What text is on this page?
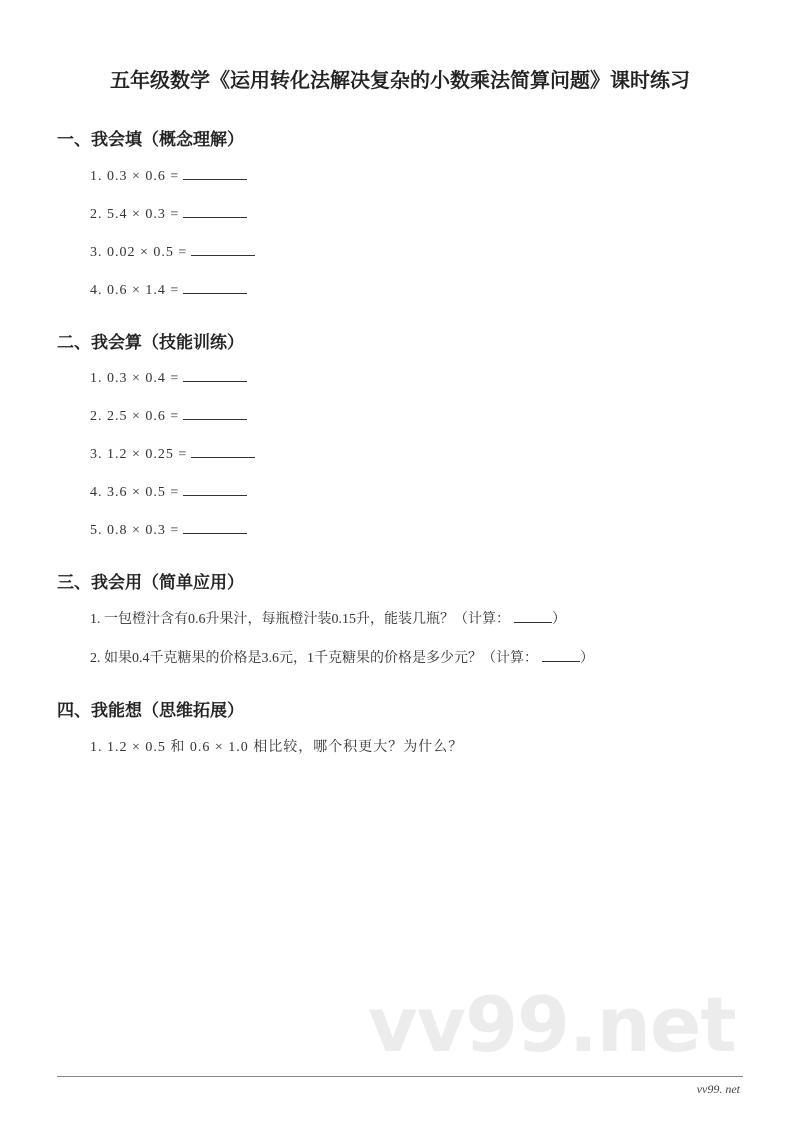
五年级数学《运用转化法解决复杂的小数乘法简算问题》课时练习
一、我会填（概念理解）
1. 0.3 × 0.6 =
2. 5.4 × 0.3 =
3. 0.02 × 0.5 =
4. 0.6 × 1.4 =
二、我会算（技能训练）
1. 0.3 × 0.4 =
2. 2.5 × 0.6 =
3. 1.2 × 0.25 =
4. 3.6 × 0.5 =
5. 0.8 × 0.3 =
三、我会用（简单应用）
1. 一包橙汁含有0.6升果汁，每瓶橙汁装0.15升，能装几瓶？（计算：	）
2. 如果0.4千克糖果的价格是3.6元，1千克糖果的价格是多少元？（计算：	）
四、我能想（思维拓展）
1. 1.2 × 0.5 和 0.6 × 1.0 相比较，哪个积更大？为什么？
vv99.net
vv99. net
